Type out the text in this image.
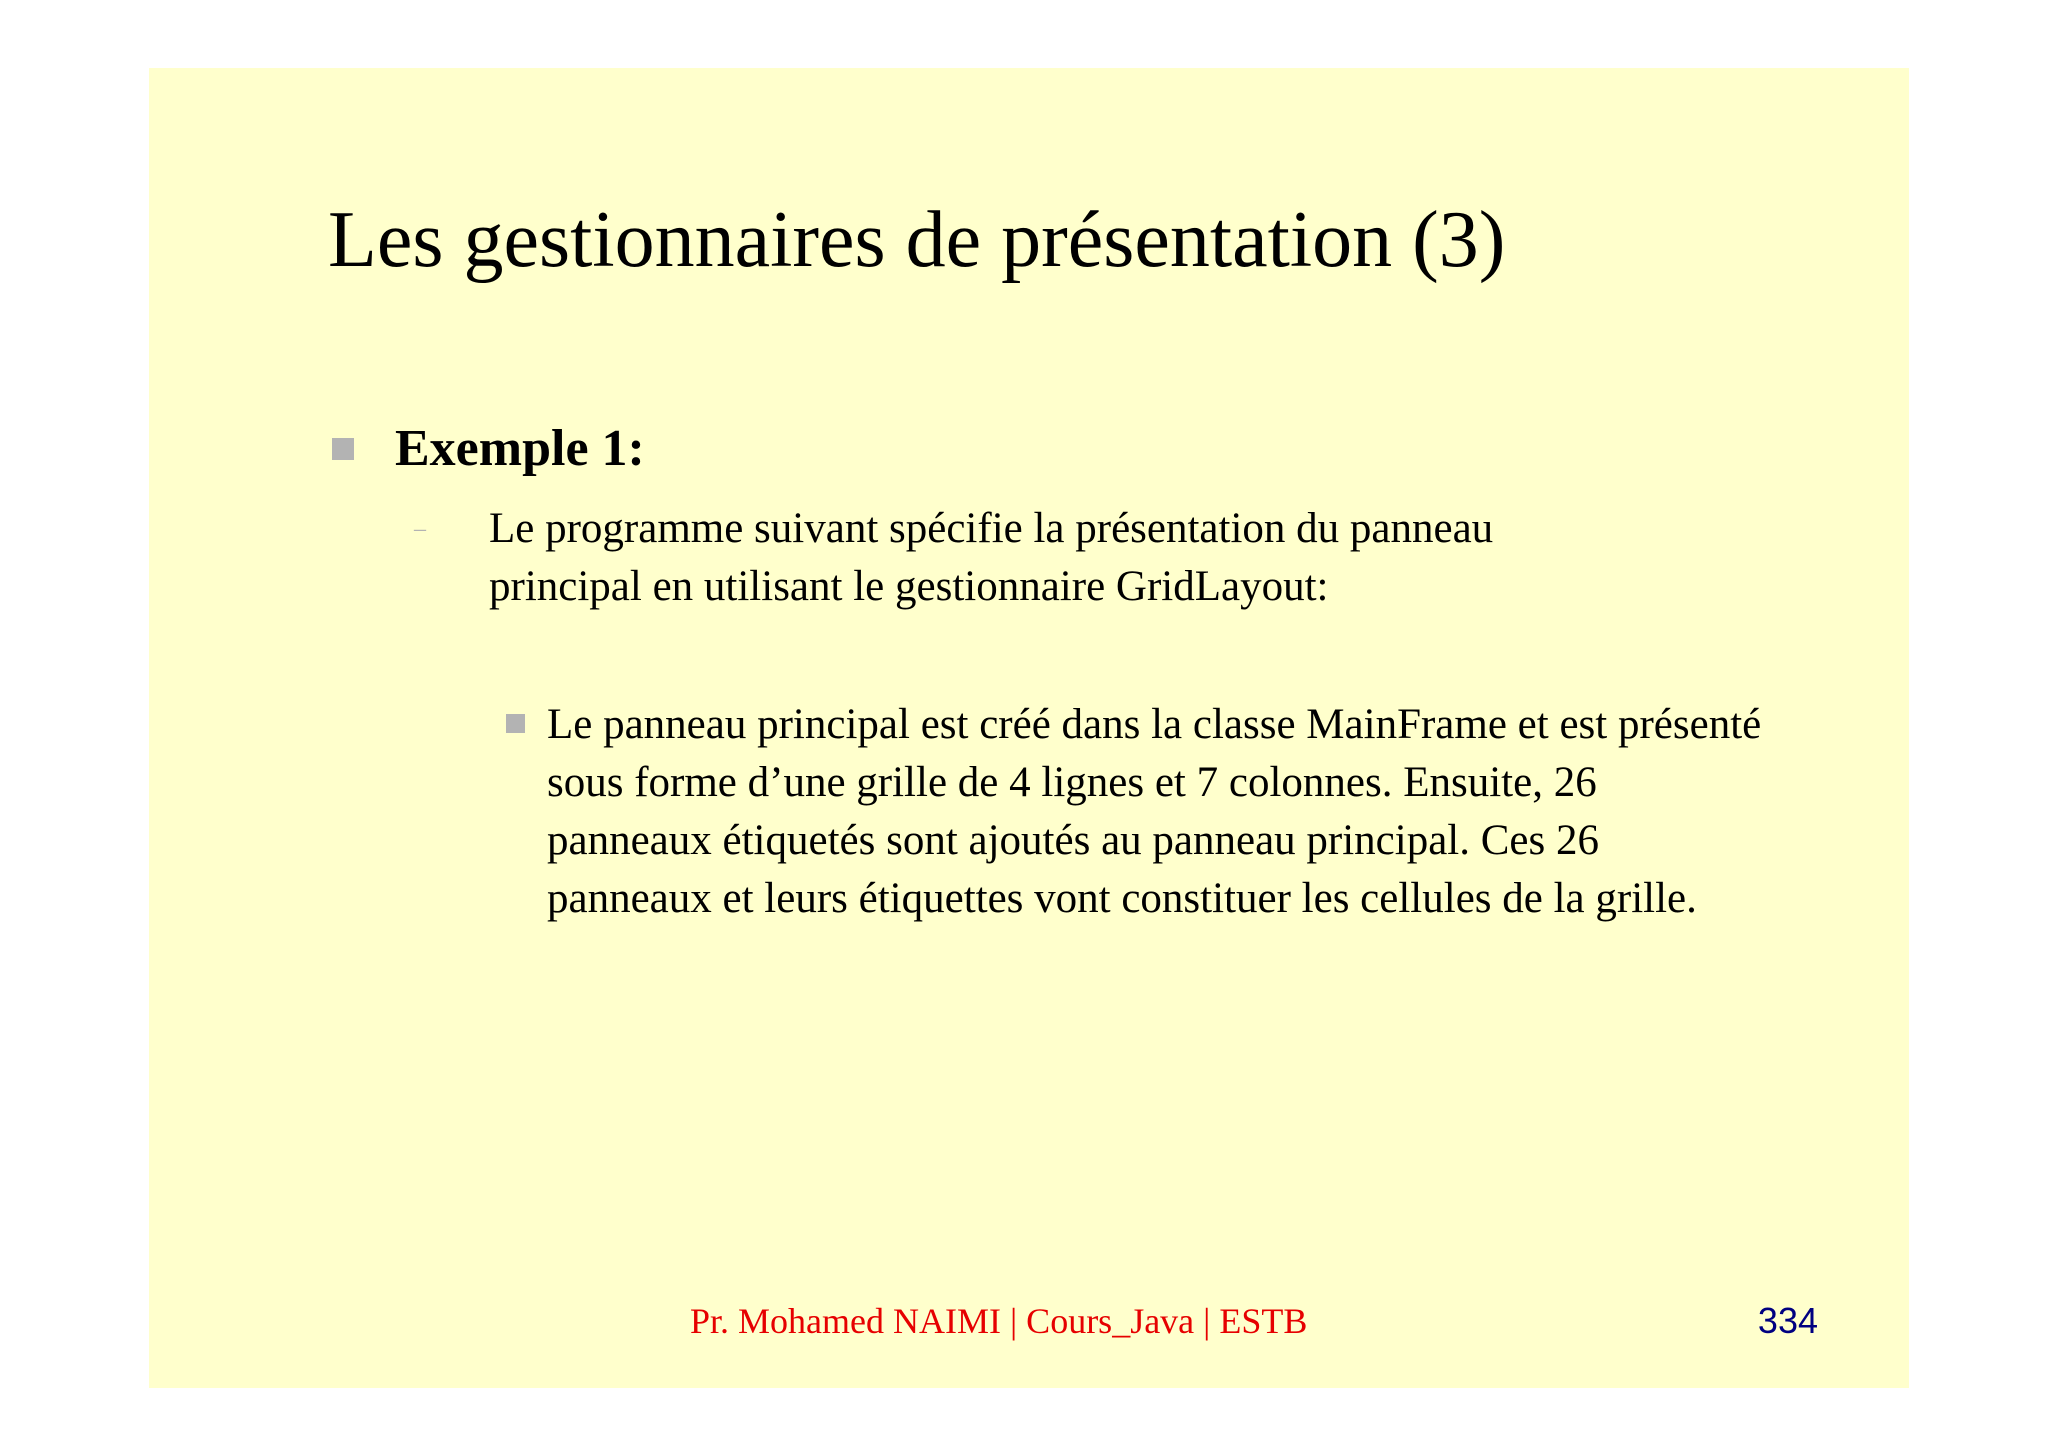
Les gestionnaires de présentation (3)
Exemple 1:
– Le programme suivant spécifie la présentation du panneau principal en utilisant le gestionnaire GridLayout:
Le panneau principal est créé dans la classe MainFrame et est présenté sous forme d’une grille de 4 lignes et 7 colonnes. Ensuite, 26 panneaux étiquetés sont ajoutés au panneau principal. Ces 26 panneaux et leurs étiquettes vont constituer les cellules de la grille.
Pr. Mohamed NAIMI | Cours_Java | ESTB	334
